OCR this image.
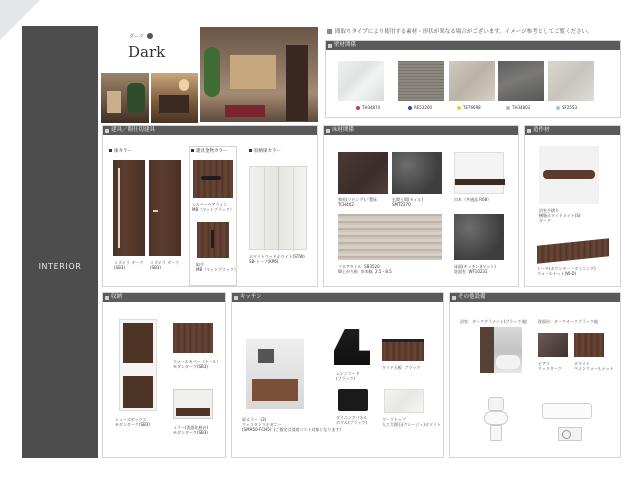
INTERIOR
ダーク
Dark
間取りタイプにより使用する素材・形状が異なる場合がございます。イメージ参考としてご覧ください。
壁材関係
TH34874	RE53260	TE76698	TH34803	SF2553
建具／間仕切建具
扉カラー
ミズナラ ダーク
(SB3)
ミズナラ ダーク
(SB3)
建具金物カラー
シルバーヘアライン
MB（マットブラック）
取手
MB（マットブラック）
収納扉カラー
ホワイトウッドホワイト(STW)
SB-トープ(KP6)
床材関係
和室(リビング)／置床
TCH4X2
玄関土間(タイル)
SMT2270
巾木（共通品 R08）
フロアタイル  SB3520
W上がり框  巾木幅  2.5・8.5
床面(キッチン)(マット)
洗面室  WF10231
造作材
浴室手摺り
樹脂ホワイトメイト(S)
ダーク
トーチ(カウンター・ダイニング)
ウォールナット(W-D)
収納
シューズボックス
モダンダーク(SB3)
ウォールカバー（トール）
モダンダーク(SB3)
ミラー(洗面化粧台)
モダンダーク(SB3)
キッチン
扉カラー  (3)
ウェスタンマホガニー
(SMH50-FCH5)  (ご指定は別途コスト対象となります)
レンジフード
(ブラック)
ワイド天板  ブラック
ダイニングパネル
ボウル(ブラック)
ワークトップ
人工大理石(グレージュ)ホワイト
その他設備
浴室：ダークグラナイト(ブラック)他	洗面台：ダークオークブラック他
ピアス
ウッドダーク
ホワイト
ペインウォールナット
